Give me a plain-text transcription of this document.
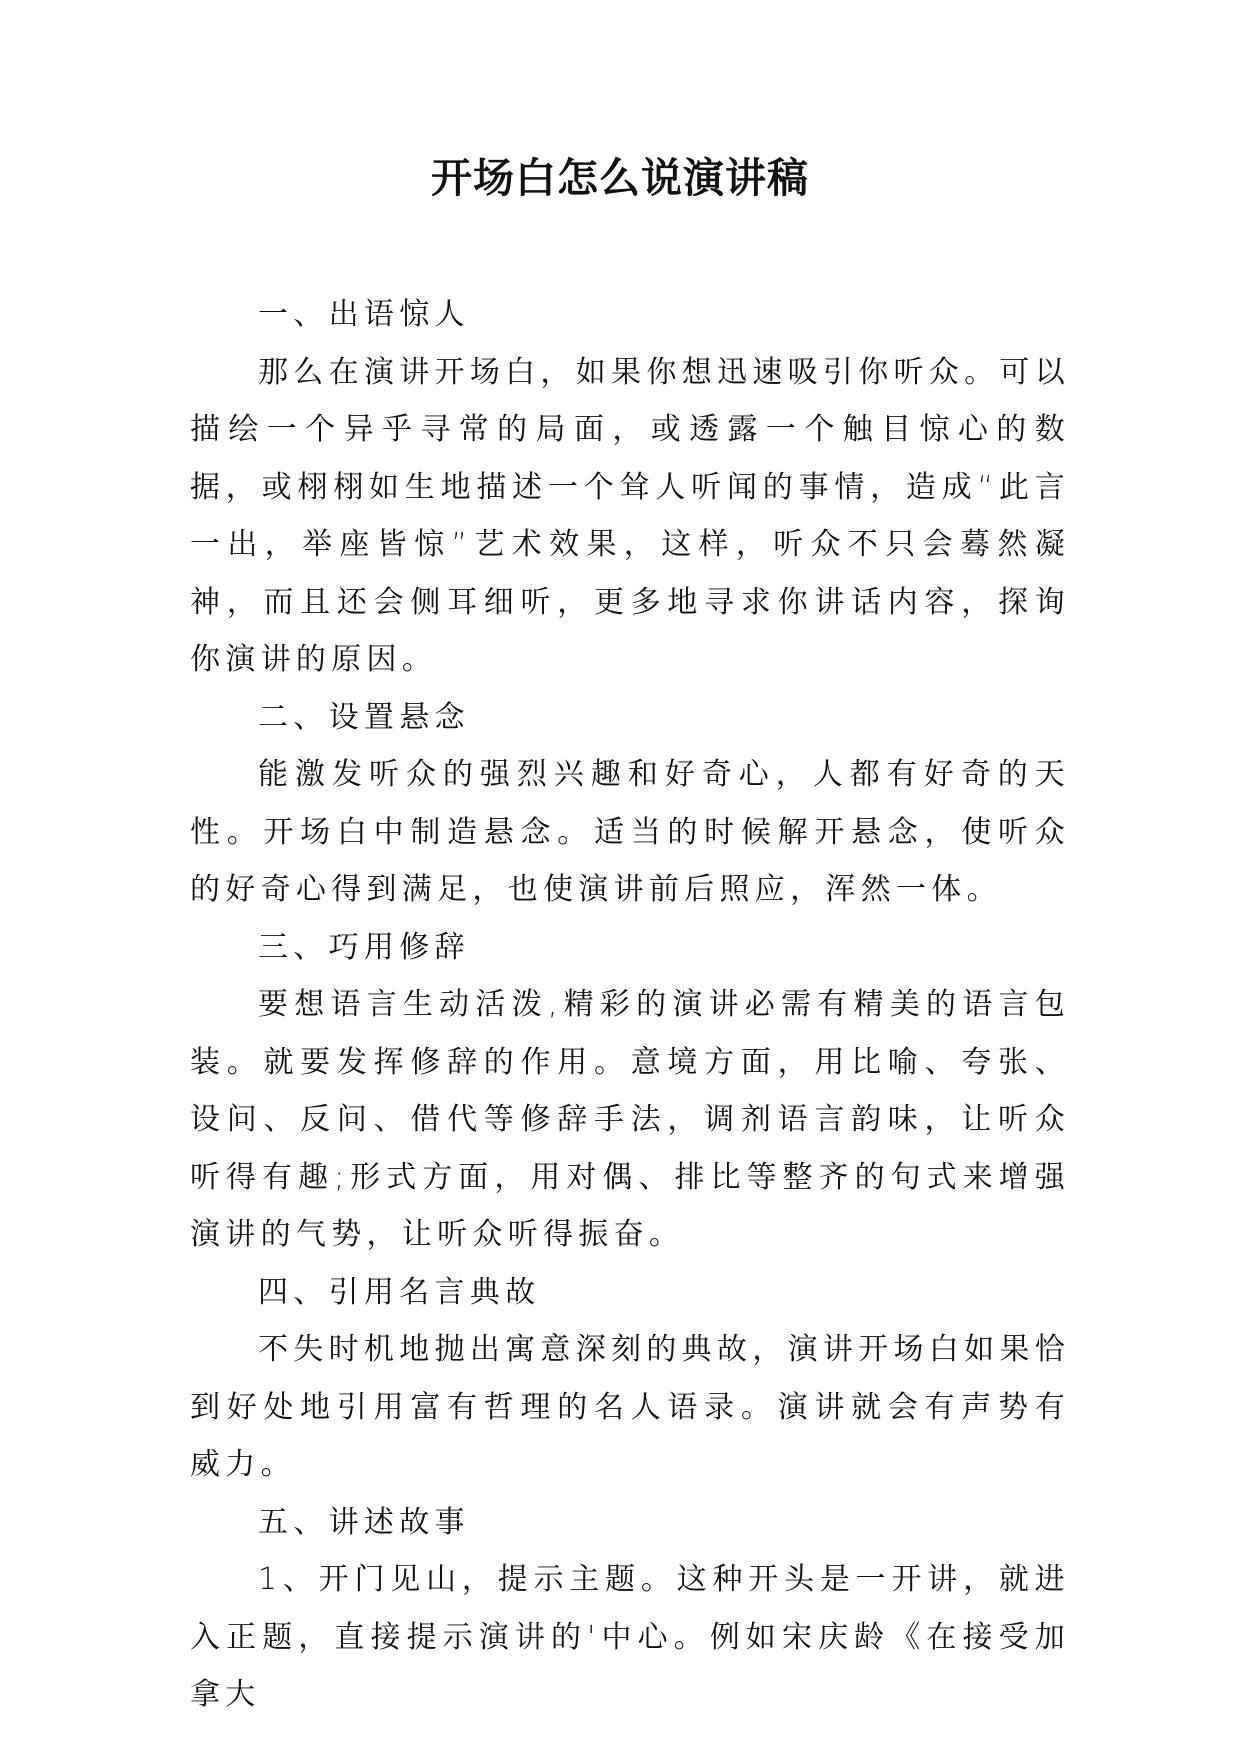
开场白怎么说演讲稿

一、出语惊人

那么在演讲开场白，如果你想迅速吸引你听众。可以描绘一个异乎寻常的局面，或透露一个触目惊心的数据，或栩栩如生地描述一个耸人听闻的事情，造成“此言一出，举座皆惊”艺术效果，这样，听众不只会蓦然凝神，而且还会侧耳细听，更多地寻求你讲话内容，探询你演讲的原因。

二、设置悬念

能激发听众的强烈兴趣和好奇心，人都有好奇的天性。开场白中制造悬念。适当的时候解开悬念，使听众的好奇心得到满足，也使演讲前后照应，浑然一体。

三、巧用修辞

要想语言生动活泼,精彩的演讲必需有精美的语言包装。就要发挥修辞的作用。意境方面，用比喻、夸张、设问、反问、借代等修辞手法，调剂语言韵味，让听众听得有趣;形式方面，用对偶、排比等整齐的句式来增强演讲的气势，让听众听得振奋。

四、引用名言典故

不失时机地抛出寓意深刻的典故，演讲开场白如果恰到好处地引用富有哲理的名人语录。演讲就会有声势有威力。

五、讲述故事

1、开门见山，提示主题。这种开头是一开讲，就进入正题，直接提示演讲的'中心。例如宋庆龄《在接受加拿大
